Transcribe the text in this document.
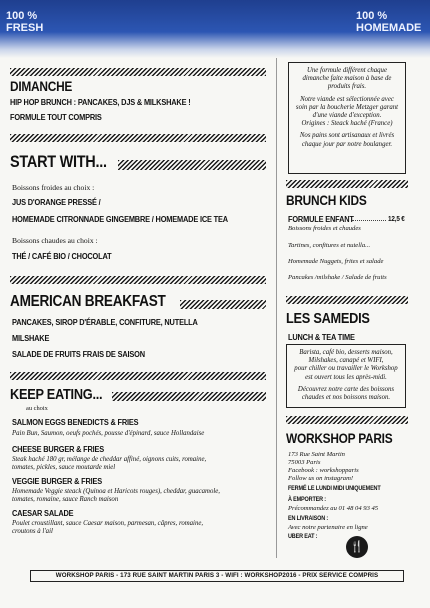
100 %
FRESH
100 %
HOMEMADE
DIMANCHE
HIP HOP BRUNCH : PANCAKES, DJS & MILKSHAKE !
FORMULE TOUT COMPRIS
Une formule différent chaque
dimanche faite maison à base de
produits frais.

Notre viande est sélectionnée avec
soin par la boucherie Metzger garant
d'une viande d'exception.
Origines : Steack haché (France)

Nos pains sont artisanaux et livrés
chaque jour par notre boulanger.
START WITH...
Boissons froides au choix :
JUS D'ORANGE PRESSÉ /
HOMEMADE CITRONNADE GINGEMBRE / HOMEMADE ICE TEA
Boissons chaudes au choix :
THÉ / CAFÉ BIO / CHOCOLAT
AMERICAN BREAKFAST
PANCAKES, SIROP D'ÉRABLE, CONFITURE, NUTELLA
MILSHAKE
SALADE DE FRUITS FRAIS DE SAISON
KEEP EATING...
au choix
SALMON EGGS BENEDICTS & FRIES
Pain Bun, Saumon, oeufs pochés, pousse d'épinard, sauce Hollandaise
CHEESE BURGER & FRIES
Steak haché 180 gr, mélange de cheddar affiné, oignons cuits, romaine,
tomates, pickles, sauce moutarde miel
VEGGIE BURGER & FRIES
Homemade Veggie steack (Quinoa et Haricots rouges), cheddar, guacamole,
tomates, romaine, sauce Ranch maison
CAESAR SALADE
Poulet croustillant, sauce Caesar maison, parmesan, câpres, romaine,
croutons à l'ail
BRUNCH KIDS
FORMULE ENFANT	12,5 €
Boissons froides et chaudes
Tartines, confitures et nutella...
Homemade Nuggets, frites et salade
Pancakes /milshake / Salade de fruits
LES SAMEDIS
LUNCH & TEA TIME
Barista, café bio, desserts maison,
Milshakes, canapé et WIFI,
pour chiller ou travailler le Workshop
est ouvert tous les après-midi.

Découvrez notre carte des boissons
chaudes et nos boissons maison.
WORKSHOP PARIS
173 Rue Saint Martin
75003 Paris
Facebook : workshopparis
Follow us on instagram!
FERMÉ LE LUNDI MIDI UNIQUEMENT
À EMPORTER :
Précommandez au 01 48 04 93 45
EN LIVRAISON :
Avec notre partenaire en ligne
UBER EAT :
🍴
WORKSHOP PARIS - 173 RUE SAINT MARTIN PARIS 3 - WIFI : WORKSHOP2016 - PRIX SERVICE COMPRIS
